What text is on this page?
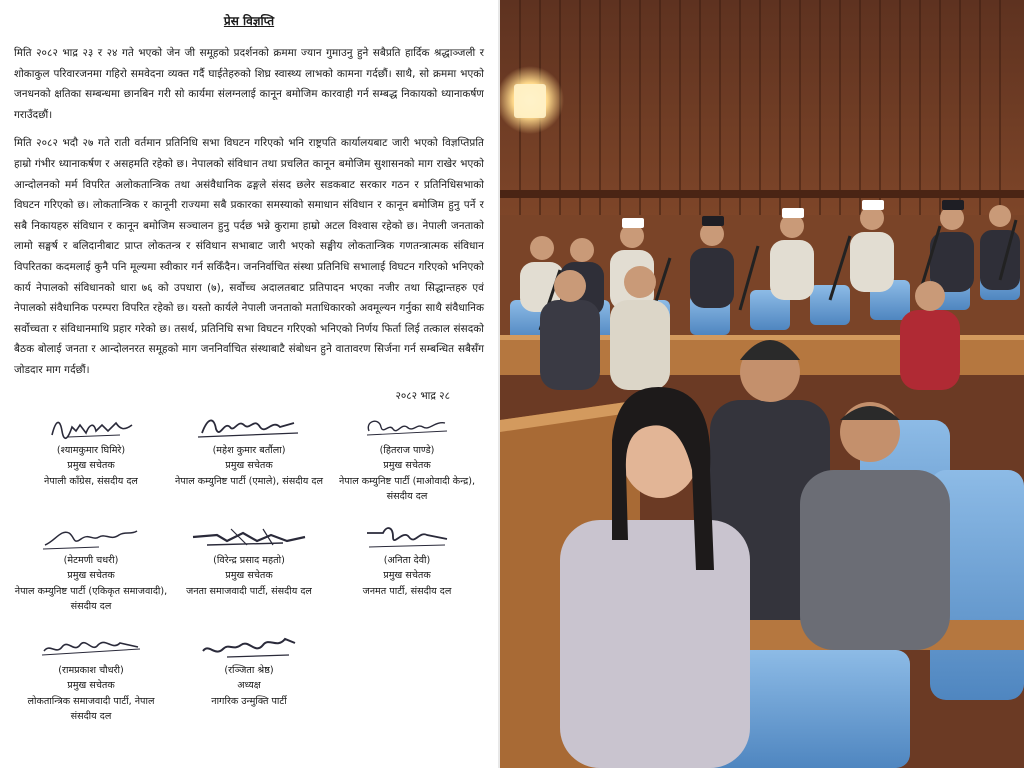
प्रेस विज्ञप्ति

मिति २०८२ भाद्र २३ र २४ गते भएको जेन जी समूहको प्रदर्शनको क्रममा ज्यान गुमाउनु हुने सबैप्रति हार्दिक श्रद्धाञ्जली र शोकाकुल परिवारजनमा गहिरो समवेदना व्यक्त गर्दै घाईतेहरुको शिघ्र स्वास्थ्य लाभको कामना गर्दछौं। साथै, सो क्रममा भएको जनधनको क्षतिका सम्बन्धमा छानबिन गरी सो कार्यमा संलग्नलाई कानून बमोजिम कारवाही गर्न सम्बद्ध निकायको ध्यानाकर्षण गराउँदछौं।

मिति २०८२ भदौ २७ गते राती वर्तमान प्रतिनिधि सभा विघटन गरिएको भनि राष्ट्रपति कार्यालयबाट जारी भएको विज्ञप्तिप्रति हाम्रो गंभीर ध्यानाकर्षण र असहमति रहेको छ। नेपालको संविधान तथा प्रचलित कानून बमोजिम सुशासनको माग राखेर भएको आन्दोलनको मर्म विपरित अलोकतान्त्रिक तथा असंवैधानिक ढङ्गले संसद छलेर सडकबाट सरकार गठन र प्रतिनिधिसभाको विघटन गरिएको छ। लोकतान्त्रिक र कानूनी राज्यमा सबै प्रकारका समस्याको समाधान संविधान र कानून बमोजिम हुनु पर्ने र सबै निकायहरु संविधान र कानून बमोजिम सञ्चालन हुनु पर्दछ भन्ने कुरामा हाम्रो अटल विश्वास रहेको छ। नेपाली जनताको लामो सङ्घर्ष र बलिदानीबाट प्राप्त लोकतन्त्र र संविधान सभाबाट जारी भएको सङ्घीय लोकतान्त्रिक गणतन्त्रात्मक संविधान विपरितका कदमलाई कुनै पनि मूल्यमा स्वीकार गर्न सकिँदैन। जननिर्वाचित संस्था प्रतिनिधि सभालाई विघटन गरिएको भनिएको कार्य नेपालको संविधानको धारा ७६ को उपधारा (७), सर्वोच्च अदालतबाट प्रतिपादन भएका नजीर तथा सिद्धान्तहरु एवं नेपालको संवैधानिक परम्परा विपरित रहेको छ। यस्तो कार्यले नेपाली जनताको मताधिकारको अवमूल्यन गर्नुका साथै संवैधानिक सर्वोच्चता र संविधानमाथि प्रहार गरेको छ। तसर्थ, प्रतिनिधि सभा विघटन गरिएको भनिएको निर्णय फिर्ता लिई तत्काल संसदको बैठक बोलाई जनता र आन्दोलनरत समूहको माग जननिर्वाचित संस्थाबाटै संबोधन हुने वातावरण सिर्जना गर्न सम्बन्धित सबैसँग जोडदार माग गर्दछौं।

२०८२ भाद्र २८
(श्यामकुमार घिमिरे)
प्रमुख सचेतक
नेपाली काँग्रेस, संसदीय दल
(महेश कुमार बर्तौला)
प्रमुख सचेतक
नेपाल कम्युनिष्ट पार्टी (एमाले), संसदीय दल
(हितराज पाण्डे)
प्रमुख सचेतक
नेपाल कम्युनिष्ट पार्टी (माओवादी केन्द्र), संसदीय दल
(मेटमणी चधरी)
प्रमुख सचेतक
नेपाल कम्युनिष्ट पार्टी (एकिकृत समाजवादी), संसदीय दल
(विरेन्द्र प्रसाद महतो)
प्रमुख सचेतक
जनता समाजवादी पार्टी, संसदीय दल
(अनिता देवी)
प्रमुख सचेतक
जनमत पार्टी, संसदीय दल
(रामप्रकाश चौधरी)
प्रमुख सचेतक
लोकतान्त्रिक समाजवादी पार्टी, नेपाल संसदीय दल
(रञ्जिता श्रेष्ठ)
अध्यक्ष
नागरिक उन्मुक्ति पार्टी
